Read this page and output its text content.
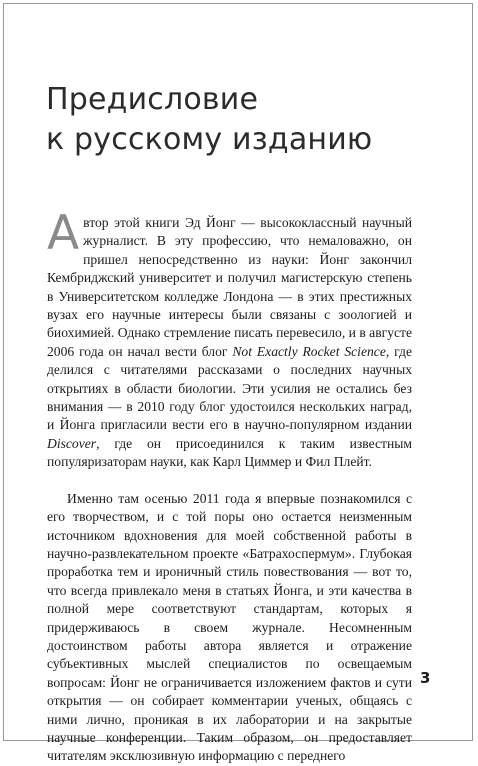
Предисловие
к русскому изданию

Автор этой книги Эд Йонг — высококлассный научный журналист. В эту профессию, что немаловажно, он пришел непосредственно из науки: Йонг закончил Кембриджский университет и получил магистерскую степень в Университетском колледже Лондона — в этих престижных вузах его научные интересы были связаны с зоологией и биохимией. Однако стремление писать перевесило, и в августе 2006 года он начал вести блог Not Exactly Rocket Science, где делился с читателями рассказами о последних научных открытиях в области биологии. Эти усилия не остались без внимания — в 2010 году блог удостоился нескольких наград, и Йонга пригласили вести его в научно-популярном издании Discover, где он присоединился к таким известным популяризаторам науки, как Карл Циммер и Фил Плейт.

Именно там осенью 2011 года я впервые познакомился с его творчеством, и с той поры оно остается неизменным источником вдохновения для моей собственной работы в научно-развлекательном проекте «Батрахоспермум». Глубокая проработка тем и ироничный стиль повествования — вот то, что всегда привлекало меня в статьях Йонга, и эти качества в полной мере соответствуют стандартам, которых я придерживаюсь в своем журнале. Несомненным достоинством работы автора является и отражение субъективных мыслей специалистов по освещаемым вопросам: Йонг не ограничивается изложением фактов и сути открытия — он собирает комментарии ученых, общаясь с ними лично, проникая в их лаборатории и на закрытые научные конференции. Таким образом, он предоставляет читателям эксклюзивную информацию с переднего

3
